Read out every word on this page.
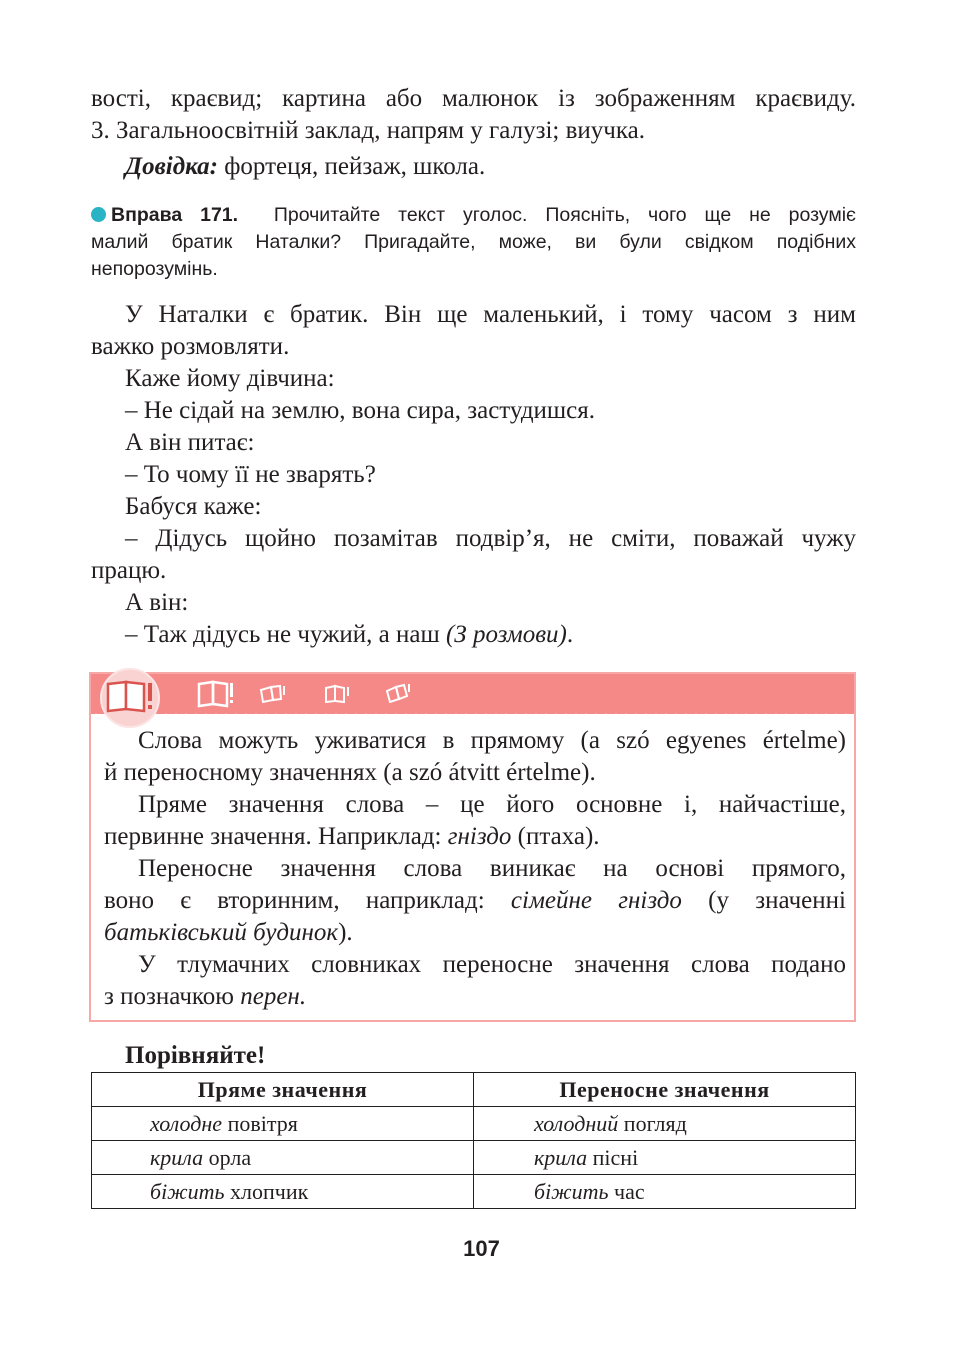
вості, краєвид; картина або малюнок із зображенням краєвиду.
3. Загальноосвітній заклад, напрям у галузі; виучка.
Довідка: фортеця, пейзаж, школа.
Вправа 171. Прочитайте текст уголос. Поясніть, чого ще не розуміє
малий братик Наталки? Пригадайте, може, ви були свідком подібних
непорозумінь.
У Наталки є братик. Він ще маленький, і тому часом з ним
важко розмовляти.
Каже йому дівчина:
– Не сідай на землю, вона сира, застудишся.
А він питає:
– То чому її не зварять?
Бабуся каже:
– Дідусь щойно позамітав подвір’я, не сміти, поважай чужу
працю.
А він:
– Таж дідусь не чужий, а наш (З розмови).
Слова можуть уживатися в прямому (a szó egyenes értelme)
й переносному значеннях (a szó átvitt értelme).
Пряме значення слова – це його основне і, найчастіше,
первинне значення. Наприклад: гніздо (птаха).
Переносне значення слова виникає на основі прямого,
воно є вторинним, наприклад: сімейне гніздо (у значенні
батьківський будинок).
У тлумачних словниках переносне значення слова подано
з позначкою перен.
Порівняйте!
Пряме значення	Переносне значення
холодне повітря	холодний погляд
крила орла	крила пісні
біжить хлопчик	біжить час
107
